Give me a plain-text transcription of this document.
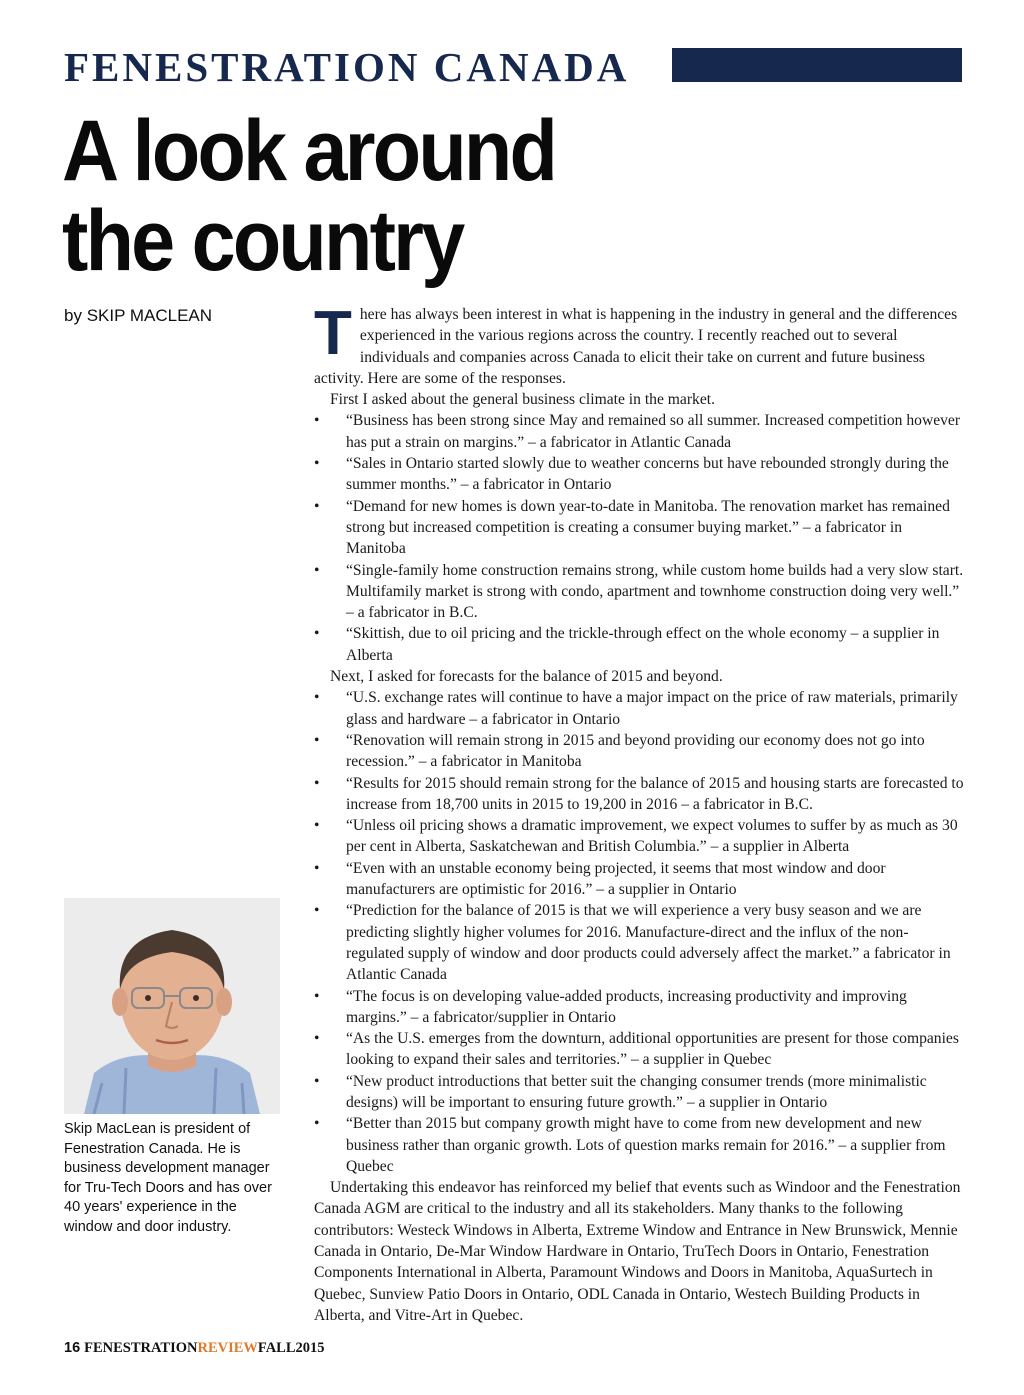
FENESTRATION CANADA
A look around
the country
by SKIP MACLEAN
Skip MacLean is president of Fenestration Canada. He is business development manager for Tru-Tech Doors and has over 40 years' experience in the window and door industry.

There has always been interest in what is happening in the industry in general and the differences experienced in the various regions across the country. I recently reached out to several individuals and companies across Canada to elicit their take on current and future business activity. Here are some of the responses.

First I asked about the general business climate in the market.

• “Business has been strong since May and remained so all summer. Increased competition however has put a strain on margins.” – a fabricator in Atlantic Canada
• “Sales in Ontario started slowly due to weather concerns but have rebounded strongly during the summer months.” – a fabricator in Ontario
• “Demand for new homes is down year-to-date in Manitoba. The renovation market has remained strong but increased competition is creating a consumer buying market.” – a fabricator in Manitoba
• “Single-family home construction remains strong, while custom home builds had a very slow start. Multifamily market is strong with condo, apartment and townhome construction doing very well.” – a fabricator in B.C.
• “Skittish, due to oil pricing and the trickle-through effect on the whole economy – a supplier in Alberta

Next, I asked for forecasts for the balance of 2015 and beyond.

• “U.S. exchange rates will continue to have a major impact on the price of raw materials, primarily glass and hardware – a fabricator in Ontario
• “Renovation will remain strong in 2015 and beyond providing our economy does not go into recession.” – a fabricator in Manitoba
• “Results for 2015 should remain strong for the balance of 2015 and housing starts are forecasted to increase from 18,700 units in 2015 to 19,200 in 2016 – a fabricator in B.C.
• “Unless oil pricing shows a dramatic improvement, we expect volumes to suffer by as much as 30 per cent in Alberta, Saskatchewan and British Columbia.” – a supplier in Alberta
• “Even with an unstable economy being projected, it seems that most window and door manufacturers are optimistic for 2016.” – a supplier in Ontario
• “Prediction for the balance of 2015 is that we will experience a very busy season and we are predicting slightly higher volumes for 2016. Manufacture-direct and the influx of the non-regulated supply of window and door products could adversely affect the market.” a fabricator in Atlantic Canada
• “The focus is on developing value-added products, increasing productivity and improving margins.” – a fabricator/supplier in Ontario
• “As the U.S. emerges from the downturn, additional opportunities are present for those companies looking to expand their sales and territories.” – a supplier in Quebec
• “New product introductions that better suit the changing consumer trends (more minimalistic designs) will be important to ensuring future growth.” – a supplier in Ontario
• “Better than 2015 but company growth might have to come from new development and new business rather than organic growth. Lots of question marks remain for 2016.” – a supplier from Quebec

Undertaking this endeavor has reinforced my belief that events such as Windoor and the Fenestration Canada AGM are critical to the industry and all its stakeholders. Many thanks to the following contributors: Westeck Windows in Alberta, Extreme Window and Entrance in New Brunswick, Mennie Canada in Ontario, De-Mar Window Hardware in Ontario, TruTech Doors in Ontario, Fenestration Components International in Alberta, Paramount Windows and Doors in Manitoba, AquaSurtech in Quebec, Sunview Patio Doors in Ontario, ODL Canada in Ontario, Westech Building Products in Alberta, and Vitre-Art in Quebec.

16 FENESTRATIONREVIEWFALL2015
